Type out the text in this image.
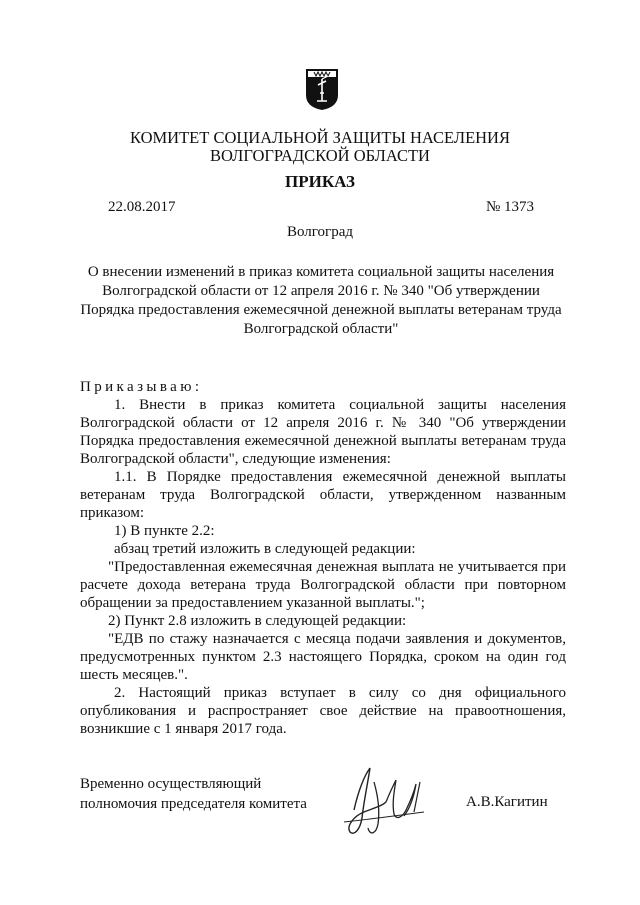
КОМИТЕТ СОЦИАЛЬНОЙ ЗАЩИТЫ НАСЕЛЕНИЯ
ВОЛГОГРАДСКОЙ ОБЛАСТИ
ПРИКАЗ
22.08.2017	№ 1373
Волгоград
О внесении изменений в приказ комитета социальной защиты населения
Волгоградской области от 12 апреля 2016 г. № 340 "Об утверждении
Порядка предоставления ежемесячной денежной выплаты ветеранам труда
Волгоградской области"

Приказываю:

1. Внести в приказ комитета социальной защиты населения

Волгоградской области от 12 апреля 2016 г. № 340 "Об утверждении

Порядка предоставления ежемесячной денежной выплаты ветеранам труда

Волгоградской области", следующие изменения:

1.1. В Порядке предоставления ежемесячной денежной выплаты

ветеранам труда Волгоградской области, утвержденном названным

приказом:

1) В пункте 2.2:

абзац третий изложить в следующей редакции:

"Предоставленная ежемесячная денежная выплата не учитывается при

расчете дохода ветерана труда Волгоградской области при повторном

обращении за предоставлением указанной выплаты.";

2) Пункт 2.8 изложить в следующей редакции:

"ЕДВ по стажу назначается с месяца подачи заявления и документов,

предусмотренных пунктом 2.3 настоящего Порядка, сроком на один год

шесть месяцев.".

2. Настоящий приказ вступает в силу со дня официального

опубликования и распространяет свое действие на правоотношения,

возникшие с 1 января 2017 года.

Временно осуществляющий
полномочия председателя комитета	А.В.Кагитин
